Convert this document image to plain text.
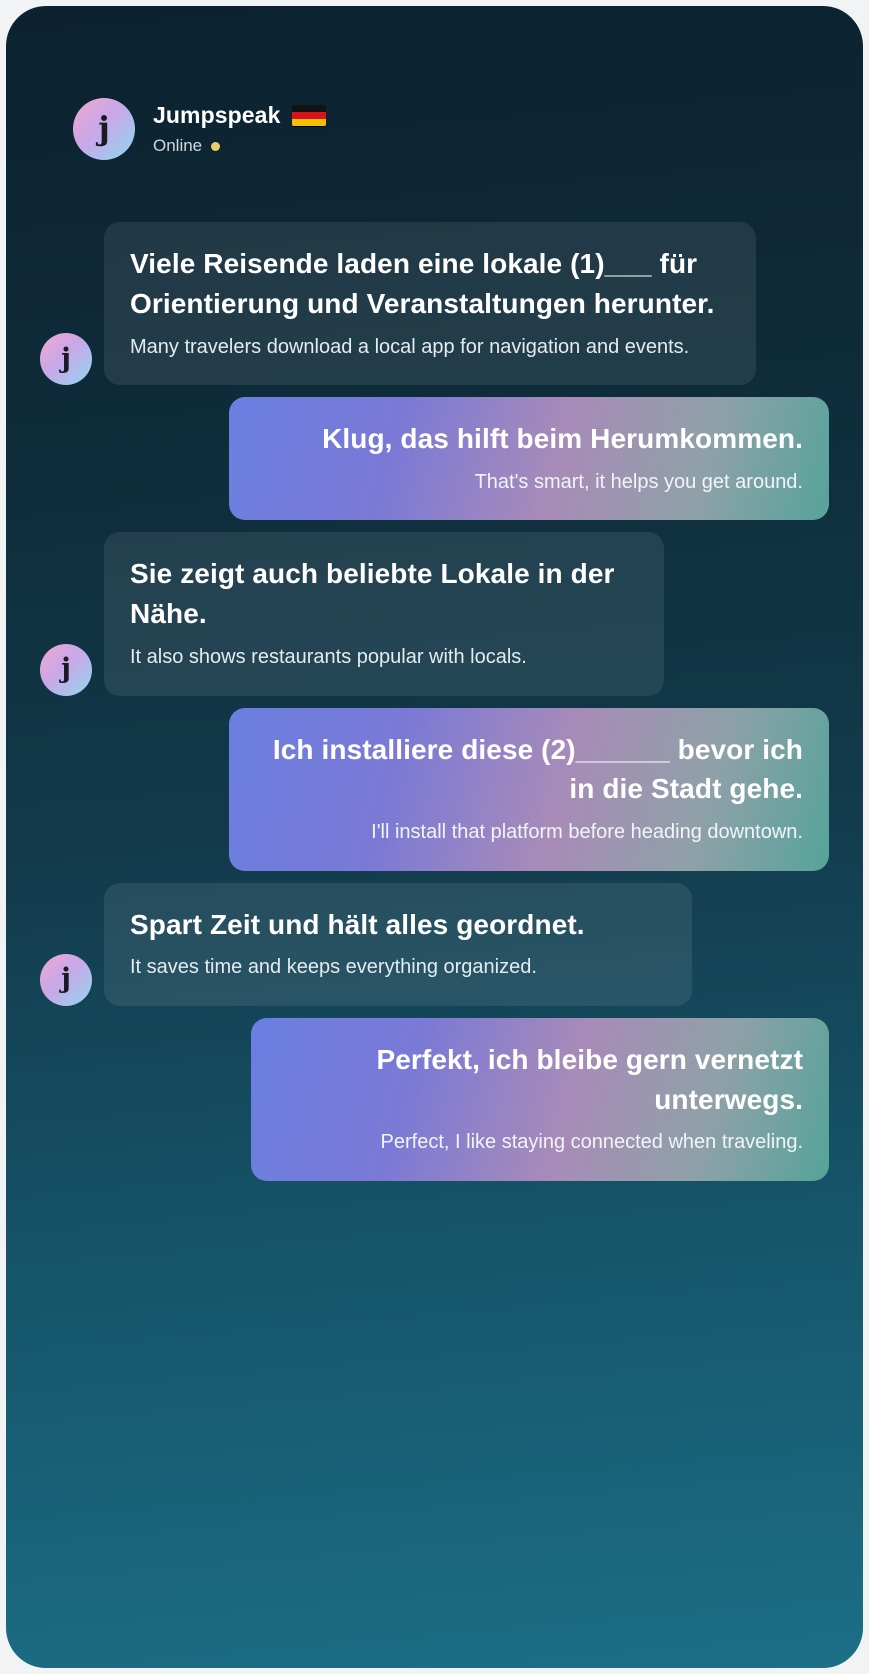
j Jumpspeak
Online
j
Viele Reisende laden eine lokale (1)___ für Orientierung und Veranstaltungen herunter.
Many travelers download a local app for navigation and events.
Klug, das hilft beim Herumkommen.
That's smart, it helps you get around.
j
Sie zeigt auch beliebte Lokale in der Nähe.
It also shows restaurants popular with locals.
Ich installiere diese (2)______ bevor ich in die Stadt gehe.
I'll install that platform before heading downtown.
j
Spart Zeit und hält alles geordnet.
It saves time and keeps everything organized.
Perfekt, ich bleibe gern vernetzt unterwegs.
Perfect, I like staying connected when traveling.
